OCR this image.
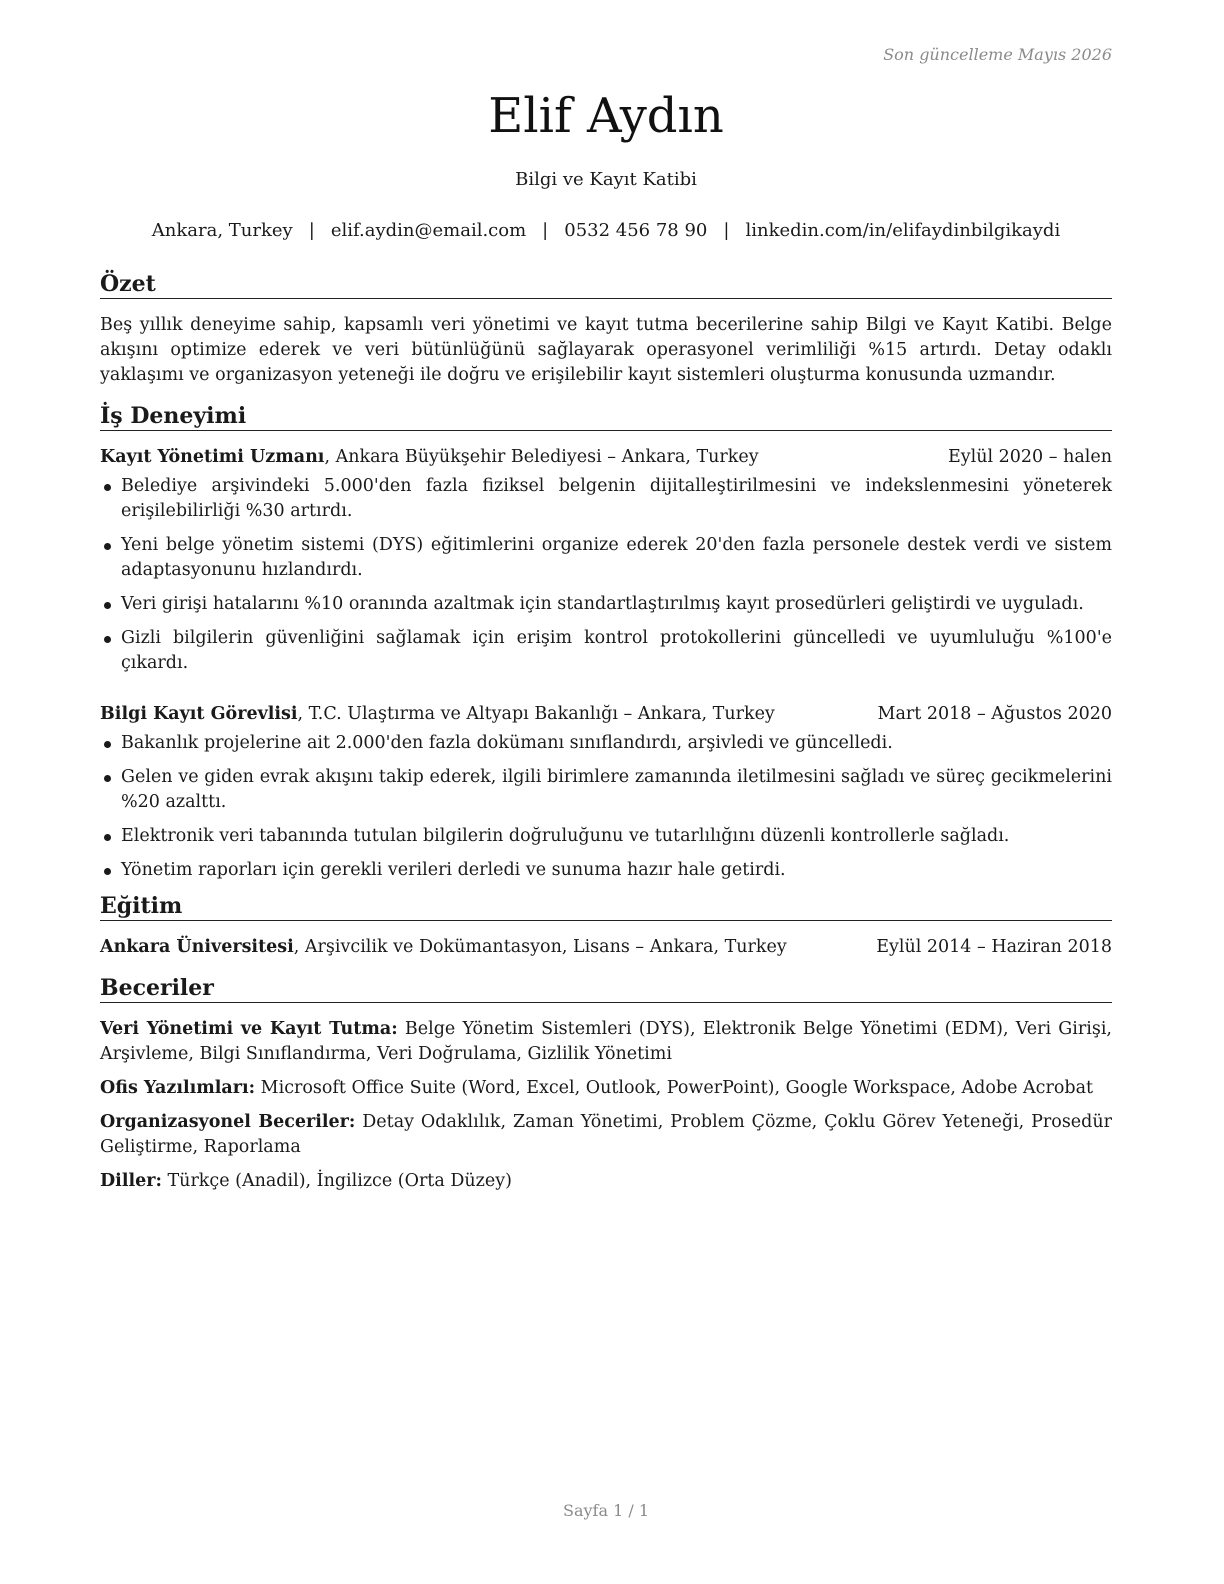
Son güncelleme Mayıs 2026
Elif Aydın
Bilgi ve Kayıt Katibi
Ankara, Turkey | elif.aydin@email.com | 0532 456 78 90 | linkedin.com/in/elifaydinbilgikaydi
Özet

Beş yıllık deneyime sahip, kapsamlı veri yönetimi ve kayıt tutma becerilerine sahip Bilgi ve Kayıt Katibi. Belge akışını optimize ederek ve veri bütünlüğünü sağlayarak operasyonel verimliliği %15 artırdı. Detay odaklı yaklaşımı ve organizasyon yeteneği ile doğru ve erişilebilir kayıt sistemleri oluşturma konusunda uzmandır.

İş Deneyimi
Kayıt Yönetimi Uzmanı, Ankara Büyükşehir Belediyesi – Ankara, Turkey	Eylül 2020 – halen
Belediye arşivindeki 5.000'den fazla fiziksel belgenin dijitalleştirilmesini ve indekslenmesini yöneterek erişilebilirliği %30 artırdı.
Yeni belge yönetim sistemi (DYS) eğitimlerini organize ederek 20'den fazla personele destek verdi ve sistem adaptasyonunu hızlandırdı.
Veri girişi hatalarını %10 oranında azaltmak için standartlaştırılmış kayıt prosedürleri geliştirdi ve uyguladı.
Gizli bilgilerin güvenliğini sağlamak için erişim kontrol protokollerini güncelledi ve uyumluluğu %100'e çıkardı.
Bilgi Kayıt Görevlisi, T.C. Ulaştırma ve Altyapı Bakanlığı – Ankara, Turkey	Mart 2018 – Ağustos 2020
Bakanlık projelerine ait 2.000'den fazla dokümanı sınıflandırdı, arşivledi ve güncelledi.
Gelen ve giden evrak akışını takip ederek, ilgili birimlere zamanında iletilmesini sağladı ve süreç gecikmelerini %20 azalttı.
Elektronik veri tabanında tutulan bilgilerin doğruluğunu ve tutarlılığını düzenli kontrollerle sağladı.
Yönetim raporları için gerekli verileri derledi ve sunuma hazır hale getirdi.
Eğitim
Ankara Üniversitesi, Arşivcilik ve Dokümantasyon, Lisans – Ankara, Turkey	Eylül 2014 – Haziran 2018
Beceriler

Veri Yönetimi ve Kayıt Tutma: Belge Yönetim Sistemleri (DYS), Elektronik Belge Yönetimi (EDM), Veri Girişi, Arşivleme, Bilgi Sınıflandırma, Veri Doğrulama, Gizlilik Yönetimi

Ofis Yazılımları: Microsoft Office Suite (Word, Excel, Outlook, PowerPoint), Google Workspace, Adobe Acrobat

Organizasyonel Beceriler: Detay Odaklılık, Zaman Yönetimi, Problem Çözme, Çoklu Görev Yeteneği, Prosedür Geliştirme, Raporlama

Diller: Türkçe (Anadil), İngilizce (Orta Düzey)

Sayfa 1 / 1
